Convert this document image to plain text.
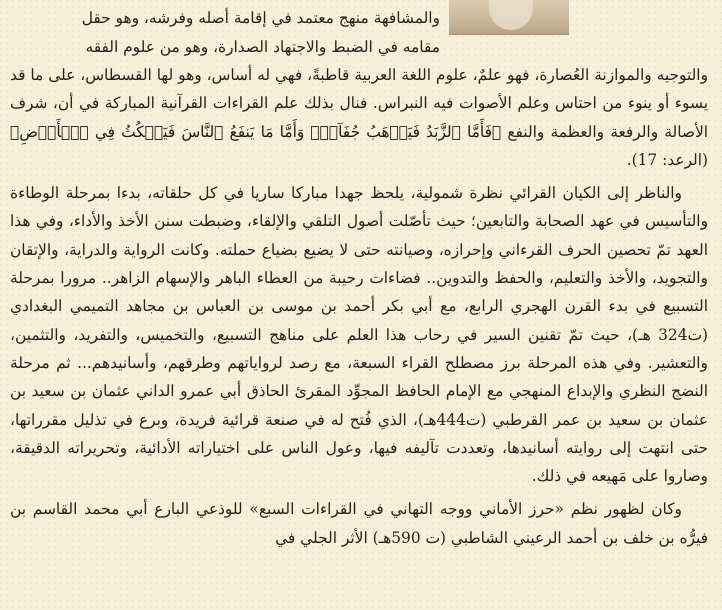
والمشافهة منهج معتمد في إقامة أصله وفرشه، وهو حقل
مقامه في الضبط والاجتهاد الصدارة، وهو من علوم الفقه

والتوجيه والموازنة العُصارة، فهو علمٌ، علوم اللغة العربية قاطبةً، فهي له أساس، وهو لها القسطاس، على ما قد يسوء أو ينوء من احتاس وعلم الأصوات فيه النبراس. فنال بذلك علم القراءات القرآنية المباركة في أن، شرف الأصالة والرفعة والعظمة والنفع ﴿فَأَمَّا ٱلزَّبَدُ فَيَذۡهَبُ جُفَآءٗۖ وَأَمَّا مَا يَنفَعُ ٱلنَّاسَ فَيَمۡكُثُ فِي ٱلۡأَرۡضِ﴾ (الرعد: 17).

والناظر إلى الكيان القرائي نظرة شمولية، يلحظ جهدا مباركا ساريا في كل حلقاته، بدءا بمرحلة الوطاءة والتأسيس في عهد الصحابة والتابعين؛ حيث تأصّلت أصول التلقي والإلقاء، وضبطت سنن الأخذ والأداء، وفي هذا العهد تمّ تحصين الحرف القرءاني وإحرازه، وصيانته حتى لا يضيع بضياع حملته. وكانت الرواية والدراية، والإتقان والتجويد، والأخذ والتعليم، والحفظ والتدوين.. فضاءات رحيبة من العطاء الباهر والإسهام الزاهر.. مرورا بمرحلة التسبيع في بدء القرن الهجري الرابع، مع أبي بكر أحمد بن موسى بن العباس بن مجاهد التميمي البغدادي (ت324 هـ)، حيث تمّ تقنين السير في رحاب هذا العلم على مناهج التسبيع، والتخميس، والتفريد، والتثمين، والتعشير. وفي هذه المرحلة برز مصطلح القراء السبعة، مع رصد لرواياتهم وطرقهم، وأسانيدهم... ثم مرحلة النضج النظري والإبداع المنهجي مع الإمام الحافظ المجوِّد المقرئ الحاذق أبي عمرو الداني عثمان بن سعيد بن عثمان بن سعيد بن عمر القرطبي (ت444هـ)، الذي فُتح له في صنعة قرائية فريدة، وبرع في تذليل مقرراتها، حتى انتهت إلى روايته أسانيدها، وتعددت تآليفه فيها، وعول الناس على اختياراته الأدائية، وتحريراته الدقيقة، وصاروا على مَهيعه في ذلك.

وكان لظهور نظم «حرز الأماني ووجه التهاني في القراءات السبع» للوذعي البارع أبي محمد القاسم بن فيرُّه بن خلف بن أحمد الرعيني الشاطبي (ت 590هـ) الأثر الجلي في
